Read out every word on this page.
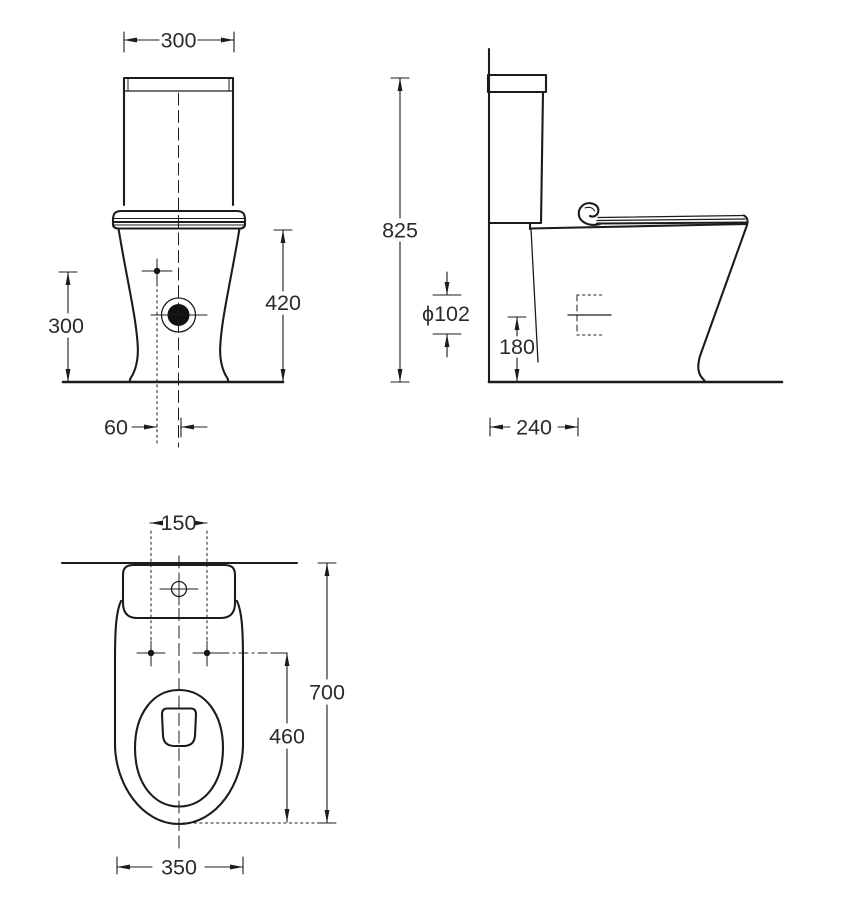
300
420
300
60
825
ϕ102
180
240
150
700
460
350
